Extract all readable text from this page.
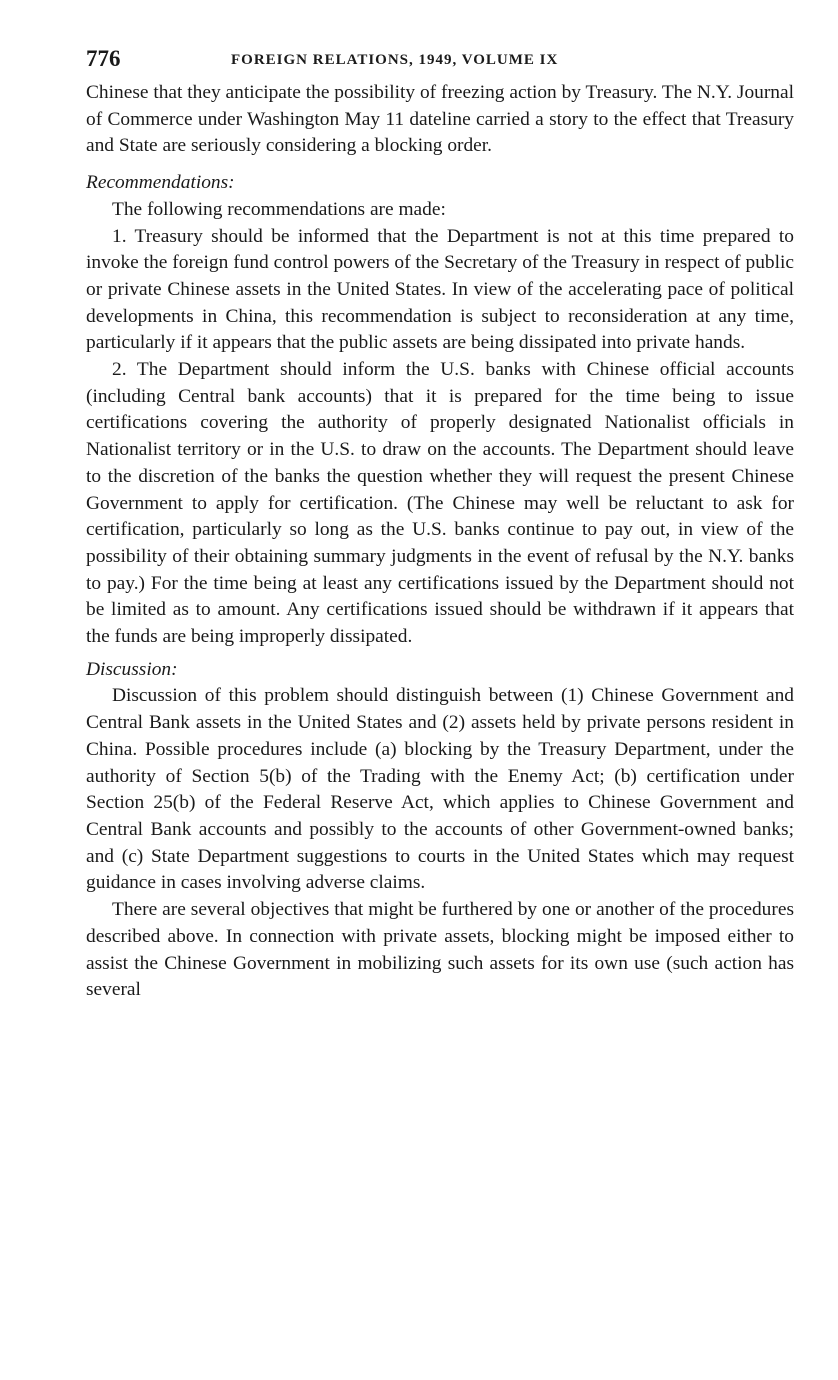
776	FOREIGN RELATIONS, 1949, VOLUME IX

Chinese that they anticipate the possibility of freezing action by Treasury. The N.Y. Journal of Commerce under Washington May 11 dateline carried a story to the effect that Treasury and State are seriously considering a blocking order.

Recommendations:

The following recommendations are made:

1. Treasury should be informed that the Department is not at this time prepared to invoke the foreign fund control powers of the Secretary of the Treasury in respect of public or private Chinese assets in the United States. In view of the accelerating pace of political developments in China, this recommendation is subject to reconsideration at any time, particularly if it appears that the public assets are being dissipated into private hands.

2. The Department should inform the U.S. banks with Chinese official accounts (including Central bank accounts) that it is prepared for the time being to issue certifications covering the authority of properly designated Nationalist officials in Nationalist territory or in the U.S. to draw on the accounts. The Department should leave to the discretion of the banks the question whether they will request the present Chinese Government to apply for certification. (The Chinese may well be reluctant to ask for certification, particularly so long as the U.S. banks continue to pay out, in view of the possibility of their obtaining summary judgments in the event of refusal by the N.Y. banks to pay.) For the time being at least any certifications issued by the Department should not be limited as to amount. Any certifications issued should be withdrawn if it appears that the funds are being improperly dissipated.

Discussion:

Discussion of this problem should distinguish between (1) Chinese Government and Central Bank assets in the United States and (2) assets held by private persons resident in China. Possible procedures include (a) blocking by the Treasury Department, under the authority of Section 5(b) of the Trading with the Enemy Act; (b) certification under Section 25(b) of the Federal Reserve Act, which applies to Chinese Government and Central Bank accounts and possibly to the accounts of other Government-owned banks; and (c) State Department suggestions to courts in the United States which may request guidance in cases involving adverse claims.

There are several objectives that might be furthered by one or another of the procedures described above. In connection with private assets, blocking might be imposed either to assist the Chinese Government in mobilizing such assets for its own use (such action has several
